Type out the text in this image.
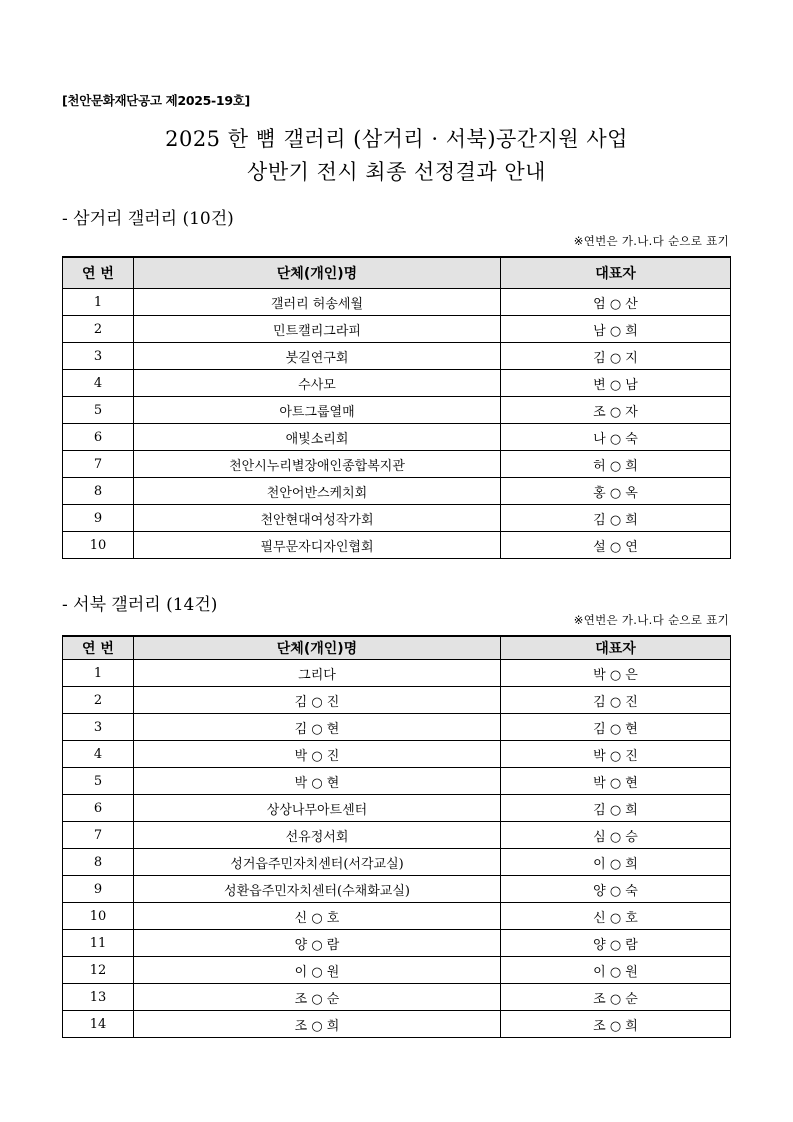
[천안문화재단공고 제2025-19호]
2025 한 뼘 갤러리 (삼거리 · 서북)공간지원 사업
상반기 전시 최종 선정결과 안내
- 삼거리 갤러리 (10건)
※연번은 가.나.다 순으로 표기
연 번	단체(개인)명	대표자
1	갤러리 허송세월	엄 ○ 산
2	민트캘리그라피	남 ○ 희
3	붓길연구회	김 ○ 지
4	수사모	변 ○ 남
5	아트그룹열매	조 ○ 자
6	애빛소리회	나 ○ 숙
7	천안시누리별장애인종합복지관	허 ○ 희
8	천안어반스케치회	홍 ○ 옥
9	천안현대여성작가회	김 ○ 희
10	필무문자디자인협회	설 ○ 연
- 서북 갤러리 (14건)
※연번은 가.나.다 순으로 표기
연 번	단체(개인)명	대표자
1	그리다	박 ○ 은
2	김 ○ 진	김 ○ 진
3	김 ○ 현	김 ○ 현
4	박 ○ 진	박 ○ 진
5	박 ○ 현	박 ○ 현
6	상상나무아트센터	김 ○ 희
7	선유정서회	심 ○ 승
8	성거읍주민자치센터(서각교실)	이 ○ 희
9	성환읍주민자치센터(수채화교실)	양 ○ 숙
10	신 ○ 호	신 ○ 호
11	양 ○ 람	양 ○ 람
12	이 ○ 원	이 ○ 원
13	조 ○ 순	조 ○ 순
14	조 ○ 희	조 ○ 희
